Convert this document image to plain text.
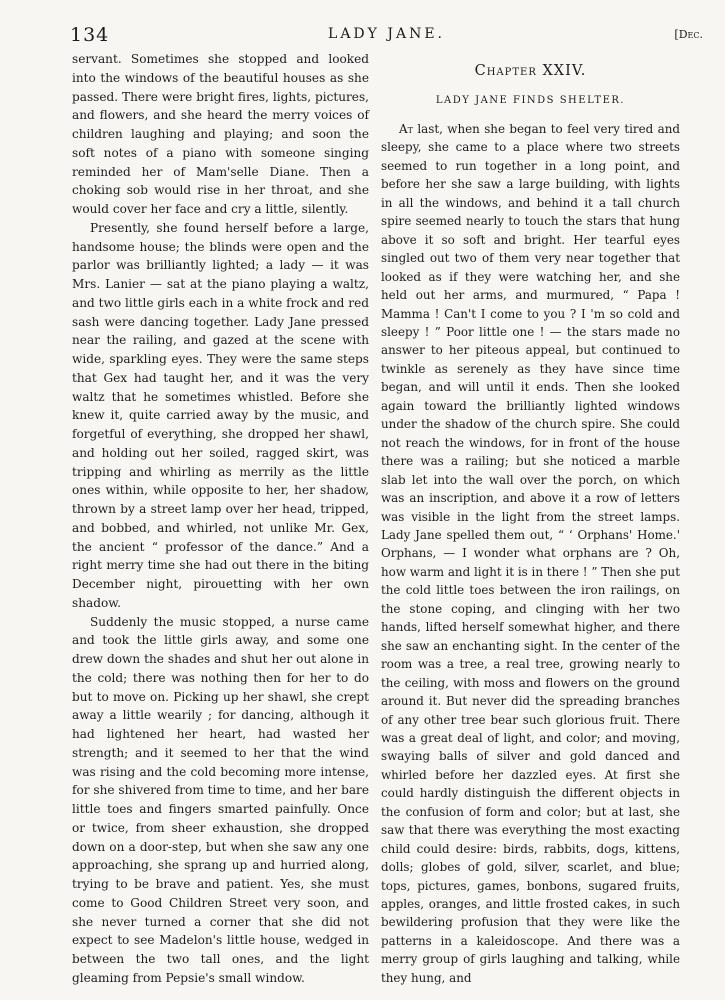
134	LADY JANE.	[Dec.

servant. Sometimes she stopped and looked into the windows of the beautiful houses as she passed. There were bright fires, lights, pictures, and flowers, and she heard the merry voices of children laughing and playing; and soon the soft notes of a piano with someone singing reminded her of Mam'selle Diane. Then a choking sob would rise in her throat, and she would cover her face and cry a little, silently.

Presently, she found herself before a large, handsome house; the blinds were open and the parlor was brilliantly lighted; a lady — it was Mrs. Lanier — sat at the piano playing a waltz, and two little girls each in a white frock and red sash were dancing together. Lady Jane pressed near the railing, and gazed at the scene with wide, sparkling eyes. They were the same steps that Gex had taught her, and it was the very waltz that he sometimes whistled. Before she knew it, quite carried away by the music, and forgetful of everything, she dropped her shawl, and holding out her soiled, ragged skirt, was tripping and whirling as merrily as the little ones within, while opposite to her, her shadow, thrown by a street lamp over her head, tripped, and bobbed, and whirled, not unlike Mr. Gex, the ancient “ professor of the dance.” And a right merry time she had out there in the biting December night, pirouetting with her own shadow.

Suddenly the music stopped, a nurse came and took the little girls away, and some one drew down the shades and shut her out alone in the cold; there was nothing then for her to do but to move on. Picking up her shawl, she crept away a little wearily ; for dancing, although it had lightened her heart, had wasted her strength; and it seemed to her that the wind was rising and the cold becoming more intense, for she shivered from time to time, and her bare little toes and fingers smarted painfully. Once or twice, from sheer exhaustion, she dropped down on a door-step, but when she saw any one approaching, she sprang up and hurried along, trying to be brave and patient. Yes, she must come to Good Children Street very soon, and she never turned a corner that she did not expect to see Madelon's little house, wedged in between the two tall ones, and the light gleaming from Pepsie's small window.

Chapter XXIV.
LADY JANE FINDS SHELTER.

At last, when she began to feel very tired and sleepy, she came to a place where two streets seemed to run together in a long point, and before her she saw a large building, with lights in all the windows, and behind it a tall church spire seemed nearly to touch the stars that hung above it so soft and bright. Her tearful eyes singled out two of them very near together that looked as if they were watching her, and she held out her arms, and murmured, “ Papa ! Mamma ! Can't I come to you ? I 'm so cold and sleepy ! ” Poor little one ! — the stars made no answer to her piteous appeal, but continued to twinkle as serenely as they have since time began, and will until it ends. Then she looked again toward the brilliantly lighted windows under the shadow of the church spire. She could not reach the windows, for in front of the house there was a railing; but she noticed a marble slab let into the wall over the porch, on which was an inscription, and above it a row of letters was visible in the light from the street lamps. Lady Jane spelled them out, “ ‘ Orphans' Home.' Orphans, — I wonder what orphans are ? Oh, how warm and light it is in there ! ” Then she put the cold little toes between the iron railings, on the stone coping, and clinging with her two hands, lifted herself somewhat higher, and there she saw an enchanting sight. In the center of the room was a tree, a real tree, growing nearly to the ceiling, with moss and flowers on the ground around it. But never did the spreading branches of any other tree bear such glorious fruit. There was a great deal of light, and color; and moving, swaying balls of silver and gold danced and whirled before her dazzled eyes. At first she could hardly distinguish the different objects in the confusion of form and color; but at last, she saw that there was everything the most exacting child could desire: birds, rabbits, dogs, kittens, dolls; globes of gold, silver, scarlet, and blue; tops, pictures, games, bonbons, sugared fruits, apples, oranges, and little frosted cakes, in such bewildering profusion that they were like the patterns in a kaleidoscope. And there was a merry group of girls laughing and talking, while they hung, and
